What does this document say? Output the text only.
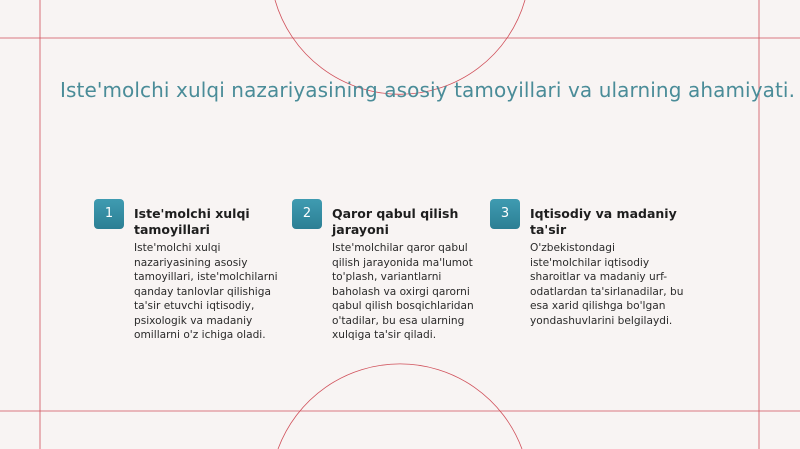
Iste'molchi xulqi nazariyasining asosiy tamoyillari va ularning ahamiyati.
1	Iste'molchi xulqi tamoyillari
Iste'molchi xulqi nazariyasining asosiy tamoyillari, iste'molchilarni qanday tanlovlar qilishiga ta'sir etuvchi iqtisodiy, psixologik va madaniy omillarni o'z ichiga oladi.
2	Qaror qabul qilish jarayoni
Iste'molchilar qaror qabul qilish jarayonida ma'lumot to'plash, variantlarni baholash va oxirgi qarorni qabul qilish bosqichlaridan o'tadilar, bu esa ularning xulqiga ta'sir qiladi.
3	Iqtisodiy va madaniy ta'sir
O'zbekistondagi iste'molchilar iqtisodiy sharoitlar va madaniy urf-odatlardan ta'sirlanadilar, bu esa xarid qilishga bo'lgan yondashuvlarini belgilaydi.
